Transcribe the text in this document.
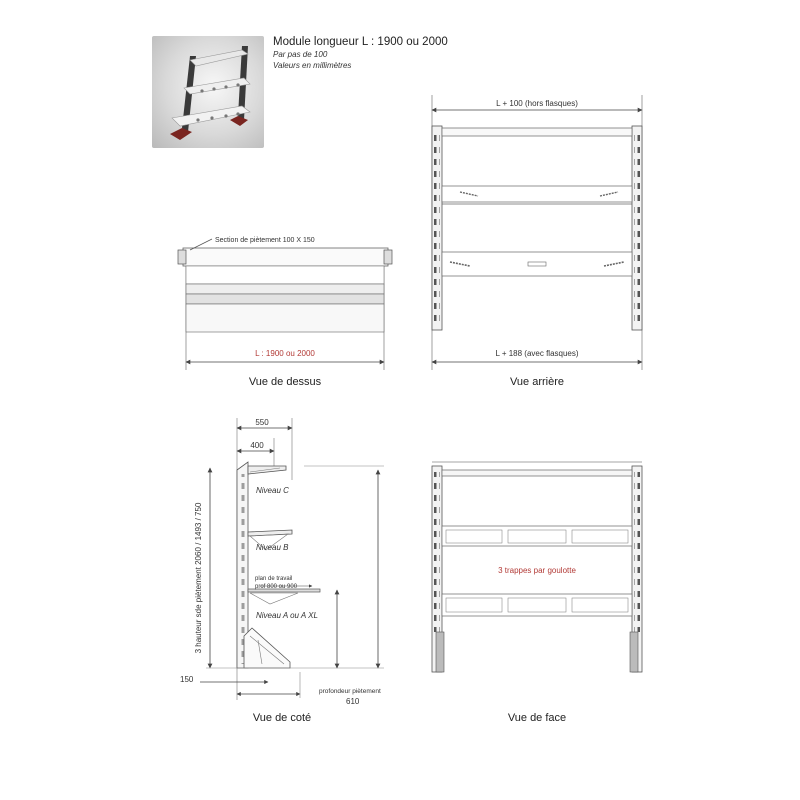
Module longueur L : 1900 ou 2000
Par pas de 100
Valeurs en millimètres
Section de piètement 100 X 150
L : 1900 ou 2000
L + 100 (hors flasques)
L + 188 (avec flasques)
550
400
Niveau C
Niveau B
plan de travail
prof 800 ou 900
Niveau A ou A XL
3 hauteur sde piètement 2060 / 1493 / 750
150
profondeur piètement
610
3 trappes par goulotte
Vue de dessus	Vue arrière
Vue de coté	Vue de face
